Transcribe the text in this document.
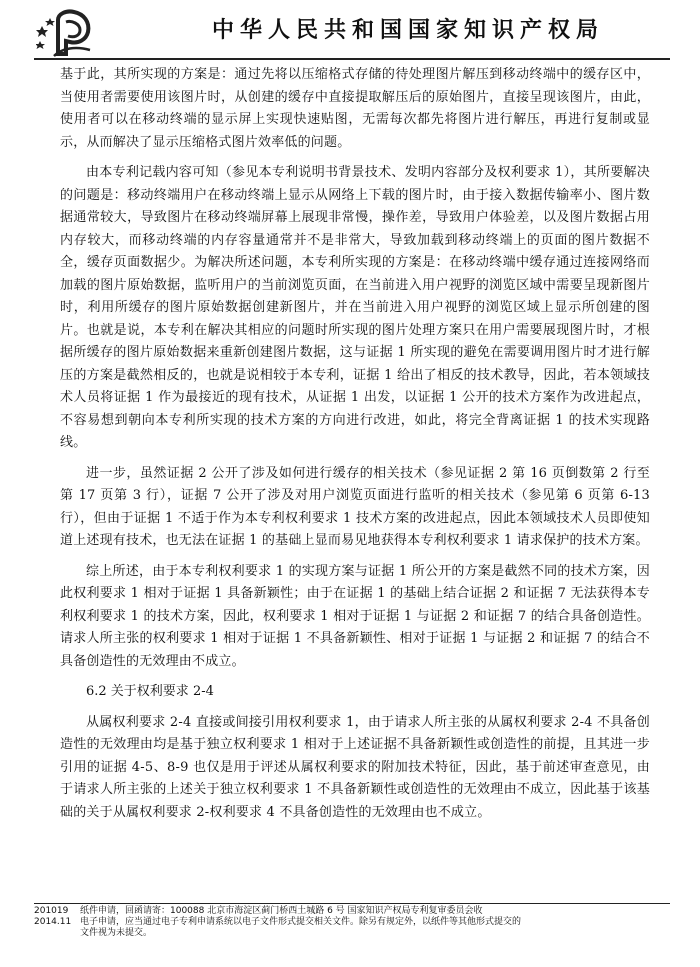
中华人民共和国国家知识产权局

基于此，其所实现的方案是：通过先将以压缩格式存储的待处理图片解压到移动终端中的缓存区中，当使用者需要使用该图片时，从创建的缓存中直接提取解压后的原始图片，直接呈现该图片，由此，使用者可以在移动终端的显示屏上实现快速贴图，无需每次都先将图片进行解压，再进行复制或显示，从而解决了显示压缩格式图片效率低的问题。

由本专利记载内容可知（参见本专利说明书背景技术、发明内容部分及权利要求 1），其所要解决的问题是：移动终端用户在移动终端上显示从网络上下载的图片时，由于接入数据传输率小、图片数据通常较大，导致图片在移动终端屏幕上展现非常慢，操作差，导致用户体验差，以及图片数据占用内存较大，而移动终端的内存容量通常并不是非常大，导致加载到移动终端上的页面的图片数据不全，缓存页面数据少。为解决所述问题，本专利所实现的方案是：在移动终端中缓存通过连接网络而加载的图片原始数据，监听用户的当前浏览页面，在当前进入用户视野的浏览区域中需要呈现新图片时，利用所缓存的图片原始数据创建新图片，并在当前进入用户视野的浏览区域上显示所创建的图片。也就是说，本专利在解决其相应的问题时所实现的图片处理方案只在用户需要展现图片时，才根据所缓存的图片原始数据来重新创建图片数据，这与证据 1 所实现的避免在需要调用图片时才进行解压的方案是截然相反的，也就是说相较于本专利，证据 1 给出了相反的技术教导，因此，若本领域技术人员将证据 1 作为最接近的现有技术，从证据 1 出发，以证据 1 公开的技术方案作为改进起点，不容易想到朝向本专利所实现的技术方案的方向进行改进，如此，将完全背离证据 1 的技术实现路线。

进一步，虽然证据 2 公开了涉及如何进行缓存的相关技术（参见证据 2 第 16 页倒数第 2 行至第 17 页第 3 行），证据 7 公开了涉及对用户浏览页面进行监听的相关技术（参见第 6 页第 6-13 行），但由于证据 1 不适于作为本专利权利要求 1 技术方案的改进起点，因此本领域技术人员即使知道上述现有技术，也无法在证据 1 的基础上显而易见地获得本专利权利要求 1 请求保护的技术方案。

综上所述，由于本专利权利要求 1 的实现方案与证据 1 所公开的方案是截然不同的技术方案，因此权利要求 1 相对于证据 1 具备新颖性；由于在证据 1 的基础上结合证据 2 和证据 7 无法获得本专利权利要求 1 的技术方案，因此，权利要求 1 相对于证据 1 与证据 2 和证据 7 的结合具备创造性。请求人所主张的权利要求 1 相对于证据 1 不具备新颖性、相对于证据 1 与证据 2 和证据 7 的结合不具备创造性的无效理由不成立。

6.2 关于权利要求 2-4

从属权利要求 2-4 直接或间接引用权利要求 1，由于请求人所主张的从属权利要求 2-4 不具备创造性的无效理由均是基于独立权利要求 1 相对于上述证据不具备新颖性或创造性的前提，且其进一步引用的证据 4-5、8-9 也仅是用于评述从属权利要求的附加技术特征，因此，基于前述审查意见，由于请求人所主张的上述关于独立权利要求 1 不具备新颖性或创造性的无效理由不成立，因此基于该基础的关于从属权利要求 2-权利要求 4 不具备创造性的无效理由也不成立。

201019	纸件申请，回函请寄：100088 北京市海淀区蓟门桥西土城路 6 号 国家知识产权局专利复审委员会收
2014.11 电子申请，应当通过电子专利申请系统以电子文件形式提交相关文件。除另有规定外，以纸件等其他形式提交的
文件视为未提交。
